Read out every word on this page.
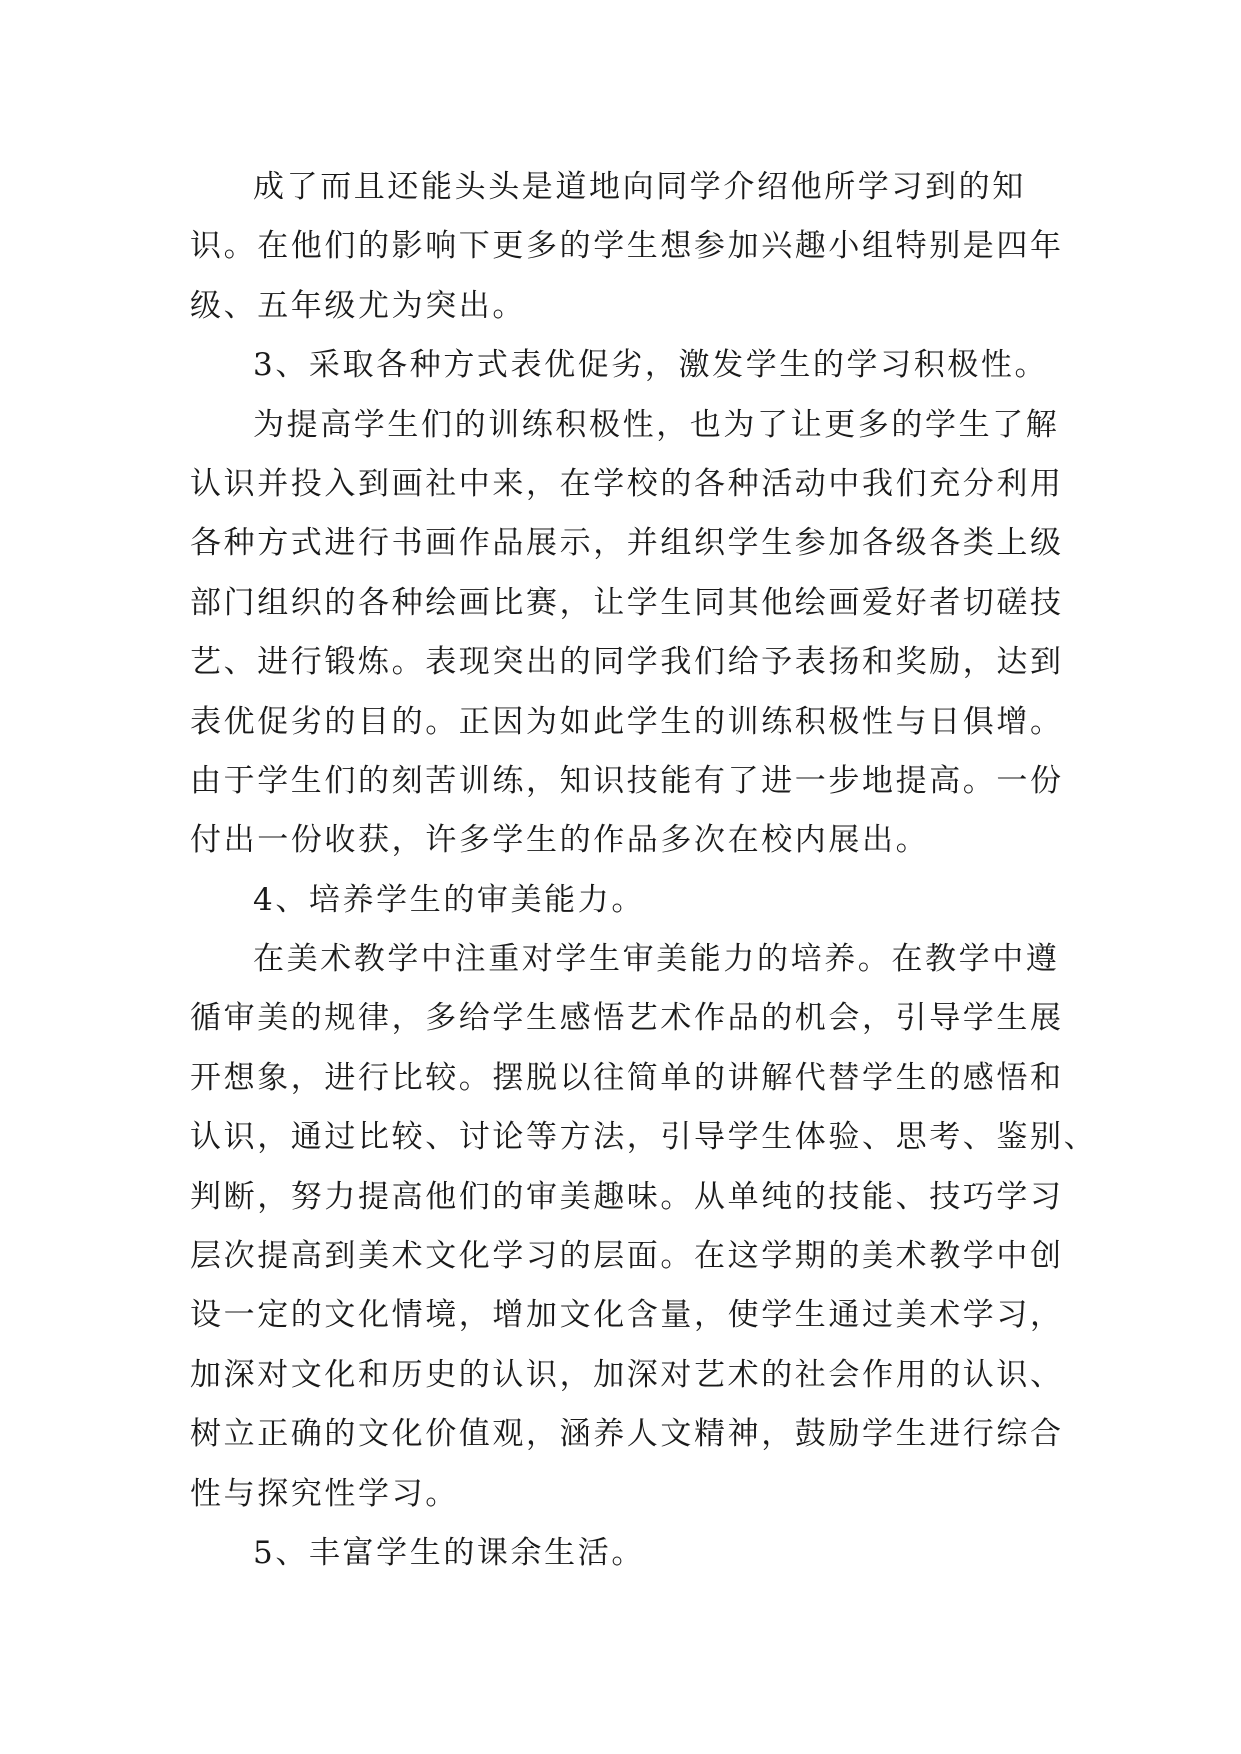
成了而且还能头头是道地向同学介绍他所学习到的知
识。在他们的影响下更多的学生想参加兴趣小组特别是四年
级、五年级尤为突出。
3、采取各种方式表优促劣，激发学生的学习积极性。
为提高学生们的训练积极性，也为了让更多的学生了解
认识并投入到画社中来，在学校的各种活动中我们充分利用
各种方式进行书画作品展示，并组织学生参加各级各类上级
部门组织的各种绘画比赛，让学生同其他绘画爱好者切磋技
艺、进行锻炼。表现突出的同学我们给予表扬和奖励，达到
表优促劣的目的。正因为如此学生的训练积极性与日俱增。
由于学生们的刻苦训练，知识技能有了进一步地提高。一份
付出一份收获，许多学生的作品多次在校内展出。
4、培养学生的审美能力。
在美术教学中注重对学生审美能力的培养。在教学中遵
循审美的规律，多给学生感悟艺术作品的机会，引导学生展
开想象，进行比较。摆脱以往简单的讲解代替学生的感悟和
认识，通过比较、讨论等方法，引导学生体验、思考、鉴别、
判断，努力提高他们的审美趣味。从单纯的技能、技巧学习
层次提高到美术文化学习的层面。在这学期的美术教学中创
设一定的文化情境，增加文化含量，使学生通过美术学习，
加深对文化和历史的认识，加深对艺术的社会作用的认识、
树立正确的文化价值观，涵养人文精神，鼓励学生进行综合
性与探究性学习。
5、丰富学生的课余生活。
